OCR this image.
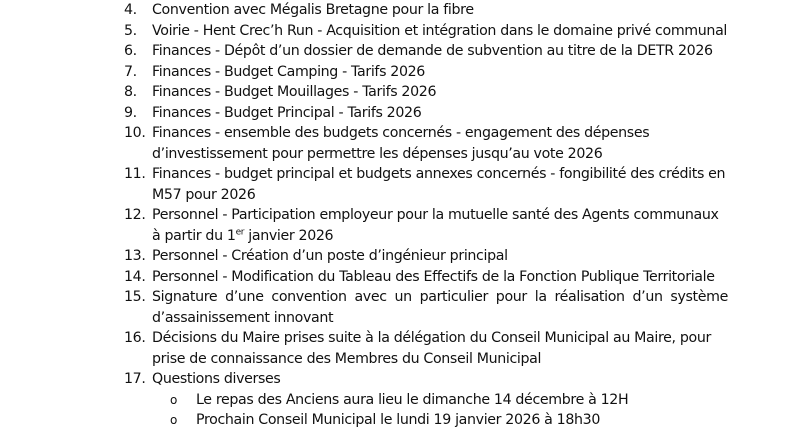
4. Convention avec Mégalis Bretagne pour la fibre
5. Voirie - Hent Crec’h Run - Acquisition et intégration dans le domaine privé communal
6. Finances - Dépôt d’un dossier de demande de subvention au titre de la DETR 2026
7. Finances - Budget Camping - Tarifs 2026
8. Finances - Budget Mouillages - Tarifs 2026
9. Finances - Budget Principal - Tarifs 2026
10. Finances - ensemble des budgets concernés - engagement des dépenses d’investissement pour permettre les dépenses jusqu’au vote 2026
11. Finances - budget principal et budgets annexes concernés - fongibilité des crédits en M57 pour 2026
12. Personnel - Participation employeur pour la mutuelle santé des Agents communaux à partir du 1er janvier 2026
13. Personnel - Création d’un poste d’ingénieur principal
14. Personnel - Modification du Tableau des Effectifs de la Fonction Publique Territoriale
15. Signature d’une convention avec un particulier pour la réalisation d’un système d’assainissement innovant
16. Décisions du Maire prises suite à la délégation du Conseil Municipal au Maire, pour prise de connaissance des Membres du Conseil Municipal
17. Questions diverses
o Le repas des Anciens aura lieu le dimanche 14 décembre à 12H
o Prochain Conseil Municipal le lundi 19 janvier 2026 à 18h30
